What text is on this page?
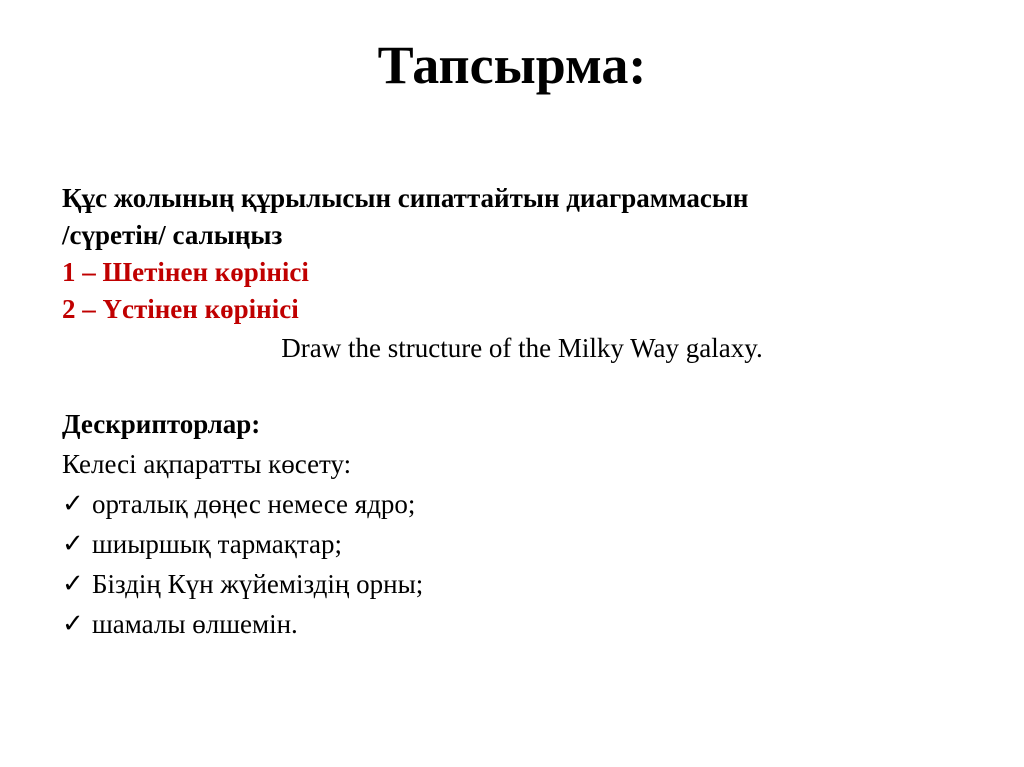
Тапсырма:
Құс жолының құрылысын сипаттайтын диаграммасын
/сүретін/ салыңыз
1 – Шетінен көрінісі
2 – Үстінен көрінісі
Draw the structure of the Milky Way galaxy.
Дескрипторлар:
Келесі ақпаратты көсету:
✓ орталық дөңес немесе ядро;
✓ шиыршық тармақтар;
✓ Біздің Күн жүйеміздің орны;
✓ шамалы өлшемін.
